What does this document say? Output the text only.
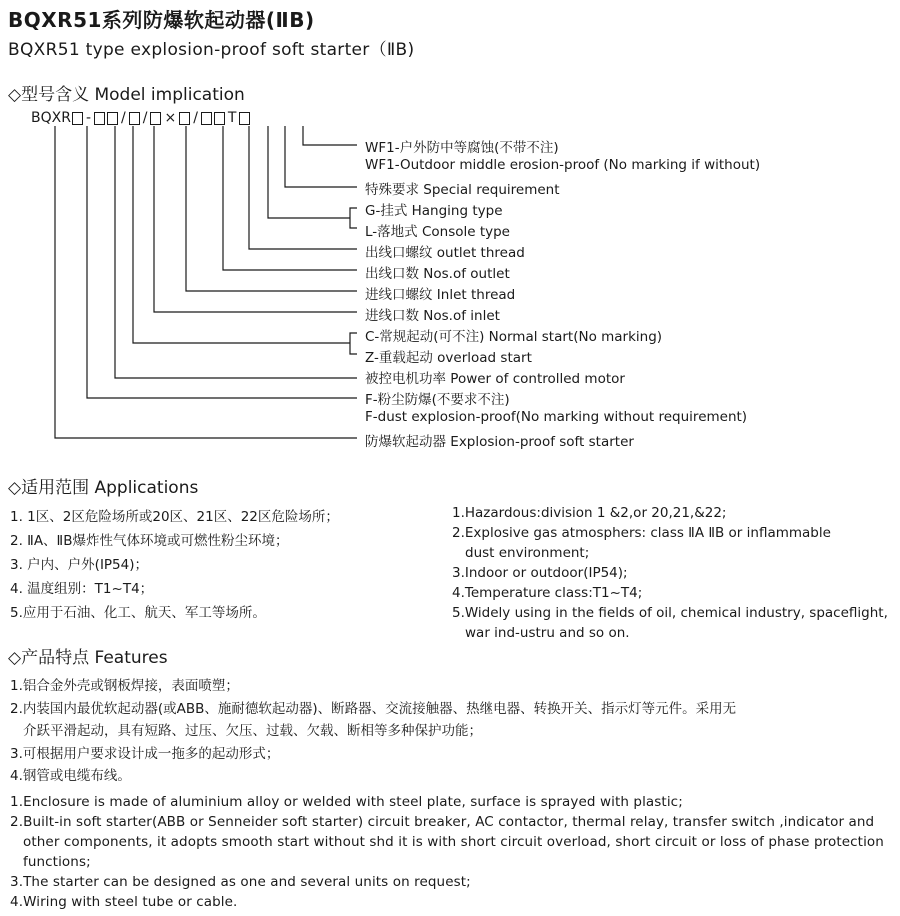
BQXR51系列防爆软起动器(ⅡB)
BQXR51 type explosion-proof soft starter（ⅡB)
◇型号含义 Model implication
BQXR - / / × / T
WF1-户外防中等腐蚀(不带不注)
WF1-Outdoor middle erosion-proof (No marking if without)
特殊要求 Special requirement
G-挂式 Hanging type
L-落地式 Console type
出线口螺纹 outlet thread
出线口数 Nos.of outlet
进线口螺纹 Inlet thread
进线口数 Nos.of inlet
C-常规起动(可不注) Normal start(No marking)
Z-重载起动 overload start
被控电机功率 Power of controlled motor
F-粉尘防爆(不要求不注)
F-dust explosion-proof(No marking without requirement)
防爆软起动器 Explosion-proof soft starter
◇适用范围 Applications
1. 1区、2区危险场所或20区、21区、22区危险场所；
2. ⅡA、ⅡB爆炸性气体环境或可燃性粉尘环境；
3. 户内、户外(IP54)；
4. 温度组别：T1~T4；
5.应用于石油、化工、航天、军工等场所。
1.Hazardous:division 1 &2,or 20,21,&22;
2.Explosive gas atmosphers: class ⅡA ⅡB or inflammable
dust environment;
3.Indoor or outdoor(IP54);
4.Temperature class:T1~T4;
5.Widely using in the fields of oil, chemical industry, spaceflight,
war ind-ustru and so on.
◇产品特点 Features
1.铝合金外壳或钢板焊接，表面喷塑；
2.内装国内最优软起动器(或ABB、施耐德软起动器)、断路器、交流接触器、热继电器、转换开关、指示灯等元件。采用无
介跃平滑起动，具有短路、过压、欠压、过载、欠载、断相等多种保护功能；
3.可根据用户要求设计成一拖多的起动形式；
4.钢管或电缆布线。
1.Enclosure is made of aluminium alloy or welded with steel plate, surface is sprayed with plastic;
2.Built-in soft starter(ABB or Senneider soft starter) circuit breaker, AC contactor, thermal relay, transfer switch ,indicator and
other components, it adopts smooth start without shd it is with short circuit overload, short circuit or loss of phase protection
functions;
3.The starter can be designed as one and several units on request;
4.Wiring with steel tube or cable.
